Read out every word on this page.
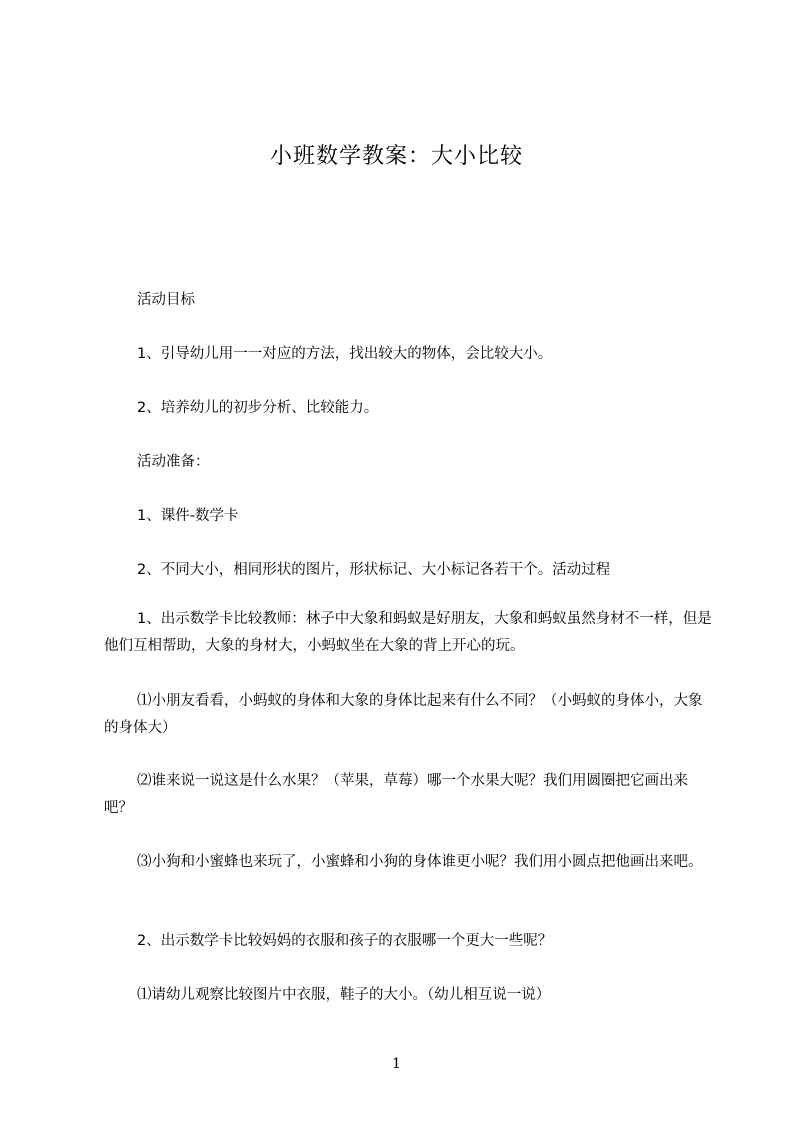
小班数学教案：大小比较

活动目标

1、引导幼儿用一一对应的方法，找出较大的物体，会比较大小。

2、培养幼儿的初步分析、比较能力。

活动准备：

1、课件-数学卡

2、不同大小，相同形状的图片，形状标记、大小标记各若干个。活动过程

1、出示数学卡比较教师：林子中大象和蚂蚁是好朋友，大象和蚂蚁虽然身材不一样，但是他们互相帮助，大象的身材大，小蚂蚁坐在大象的背上开心的玩。

⑴小朋友看看，小蚂蚁的身体和大象的身体比起来有什么不同？（小蚂蚁的身体小，大象的身体大）

⑵谁来说一说这是什么水果？（苹果，草莓）哪一个水果大呢？我们用圆圈把它画出来吧？

⑶小狗和小蜜蜂也来玩了，小蜜蜂和小狗的身体谁更小呢？我们用小圆点把他画出来吧。

2、出示数学卡比较妈妈的衣服和孩子的衣服哪一个更大一些呢？

⑴请幼儿观察比较图片中衣服，鞋子的大小。（幼儿相互说一说）

1
